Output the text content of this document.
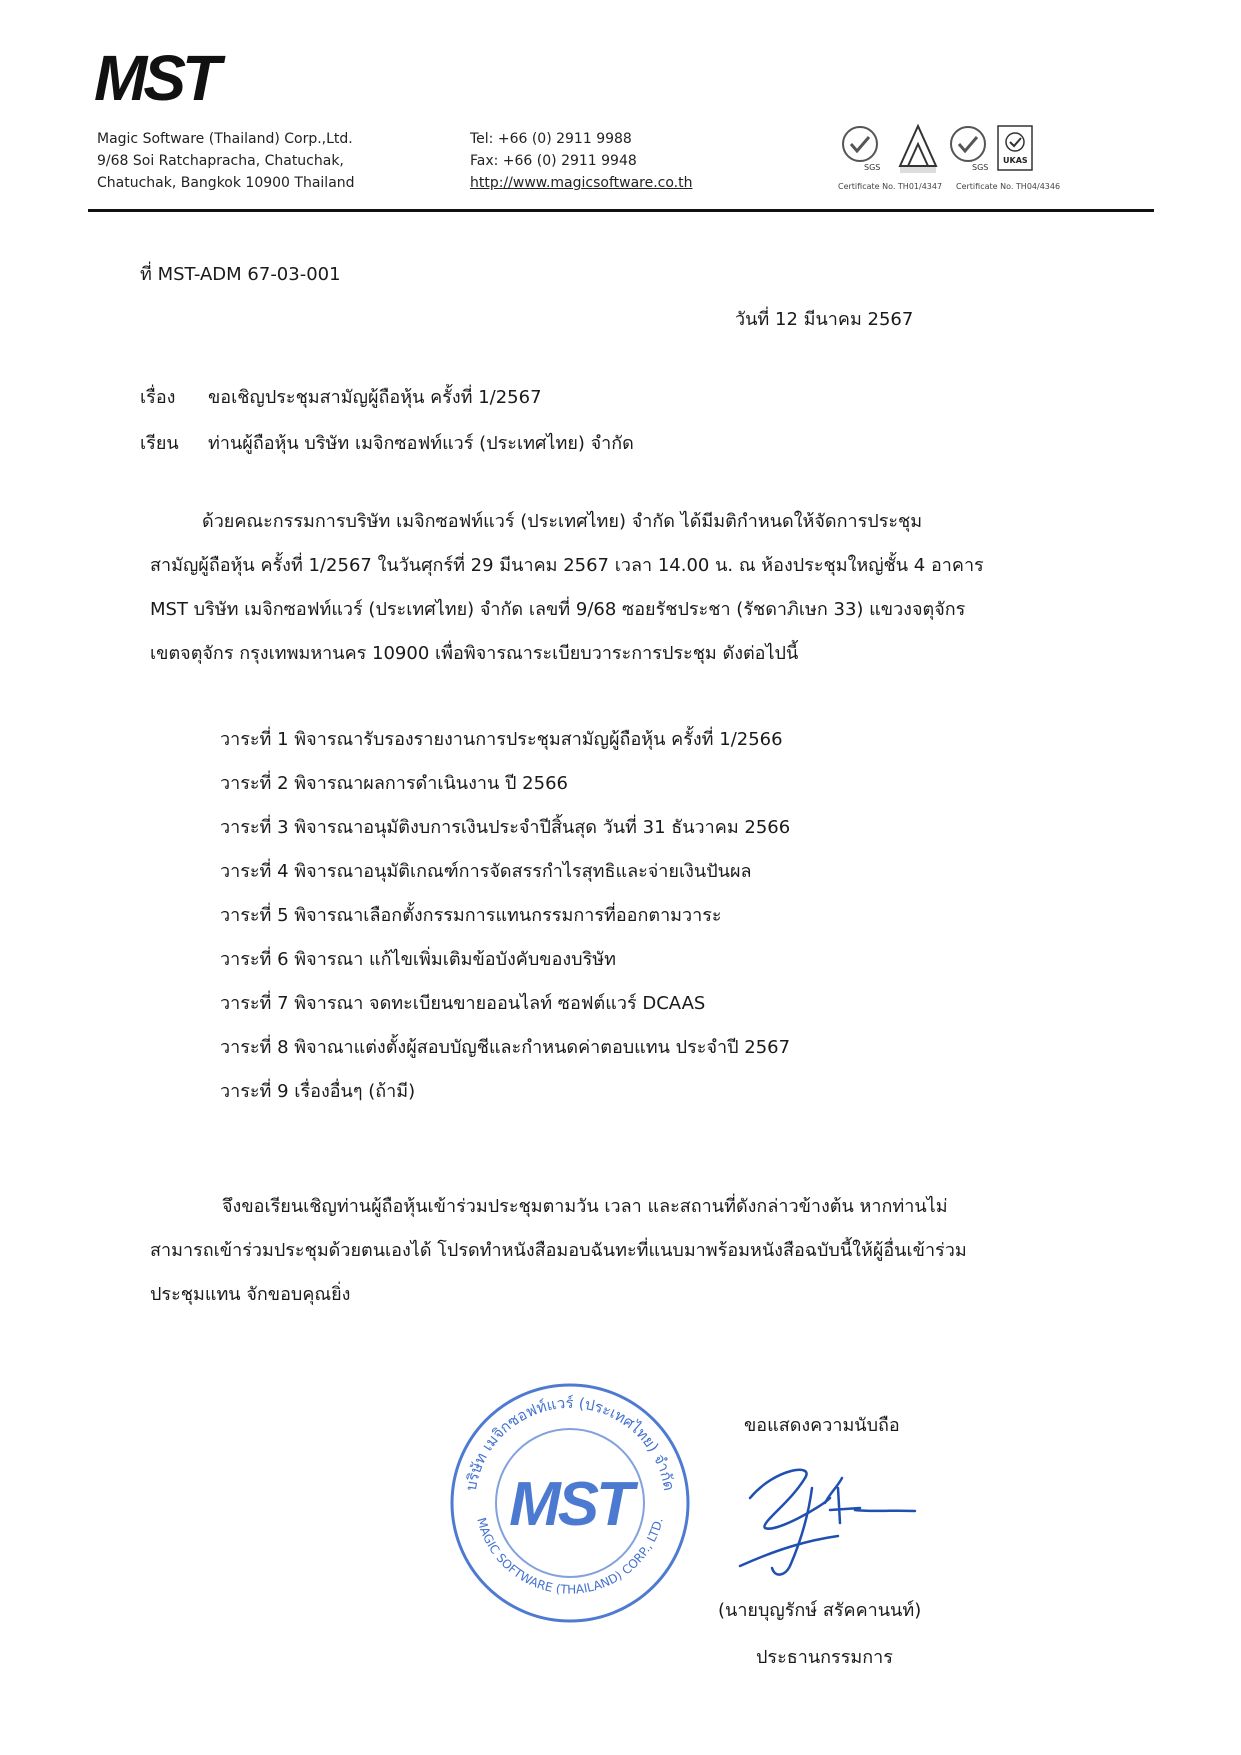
MST
Magic Software (Thailand) Corp.,Ltd.
9/68 Soi Ratchapracha, Chatuchak,
Chatuchak, Bangkok 10900 Thailand
Tel: +66 (0) 2911 9988
Fax: +66 (0) 2911 9948
http://www.magicsoftware.co.th
SGS	SGS
UKAS
Certificate No. TH01/4347 Certificate No. TH04/4346
ที่ MST-ADM 67-03-001
วันที่ 12 มีนาคม 2567
เรื่อง ขอเชิญประชุมสามัญผู้ถือหุ้น ครั้งที่ 1/2567
เรียน ท่านผู้ถือหุ้น บริษัท เมจิกซอฟท์แวร์ (ประเทศไทย) จำกัด
ด้วยคณะกรรมการบริษัท เมจิกซอฟท์แวร์ (ประเทศไทย) จำกัด ได้มีมติกำหนดให้จัดการประชุม
สามัญผู้ถือหุ้น ครั้งที่ 1/2567 ในวันศุกร์ที่ 29 มีนาคม 2567 เวลา 14.00 น. ณ ห้องประชุมใหญ่ชั้น 4 อาคาร
MST บริษัท เมจิกซอฟท์แวร์ (ประเทศไทย) จำกัด เลขที่ 9/68 ซอยรัชประชา (รัชดาภิเษก 33) แขวงจตุจักร
เขตจตุจักร กรุงเทพมหานคร 10900 เพื่อพิจารณาระเบียบวาระการประชุม ดังต่อไปนี้
วาระที่ 1 พิจารณารับรองรายงานการประชุมสามัญผู้ถือหุ้น ครั้งที่ 1/2566
วาระที่ 2 พิจารณาผลการดำเนินงาน ปี 2566
วาระที่ 3 พิจารณาอนุมัติงบการเงินประจำปีสิ้นสุด วันที่ 31 ธันวาคม 2566
วาระที่ 4 พิจารณาอนุมัติเกณฑ์การจัดสรรกำไรสุทธิและจ่ายเงินปันผล
วาระที่ 5 พิจารณาเลือกตั้งกรรมการแทนกรรมการที่ออกตามวาระ
วาระที่ 6 พิจารณา แก้ไขเพิ่มเติมข้อบังคับของบริษัท
วาระที่ 7 พิจารณา จดทะเบียนขายออนไลท์ ซอฟต์แวร์ DCAAS
วาระที่ 8 พิจาณาแต่งตั้งผู้สอบบัญชีและกำหนดค่าตอบแทน ประจำปี 2567
วาระที่ 9 เรื่องอื่นๆ (ถ้ามี)
จึงขอเรียนเชิญท่านผู้ถือหุ้นเข้าร่วมประชุมตามวัน เวลา และสถานที่ดังกล่าวข้างต้น หากท่านไม่
สามารถเข้าร่วมประชุมด้วยตนเองได้ โปรดทำหนังสือมอบฉันทะที่แนบมาพร้อมหนังสือฉบับนี้ให้ผู้อื่นเข้าร่วม
ประชุมแทน จักขอบคุณยิ่ง
บริษัท เมจิกซอฟท์แวร์ (ประเทศไทย) จำกัด
MAGIC SOFTWARE (THAILAND) CORP., LTD.
MST
ขอแสดงความนับถือ
(นายบุญรักษ์ สรัคคานนท์)
ประธานกรรมการ
